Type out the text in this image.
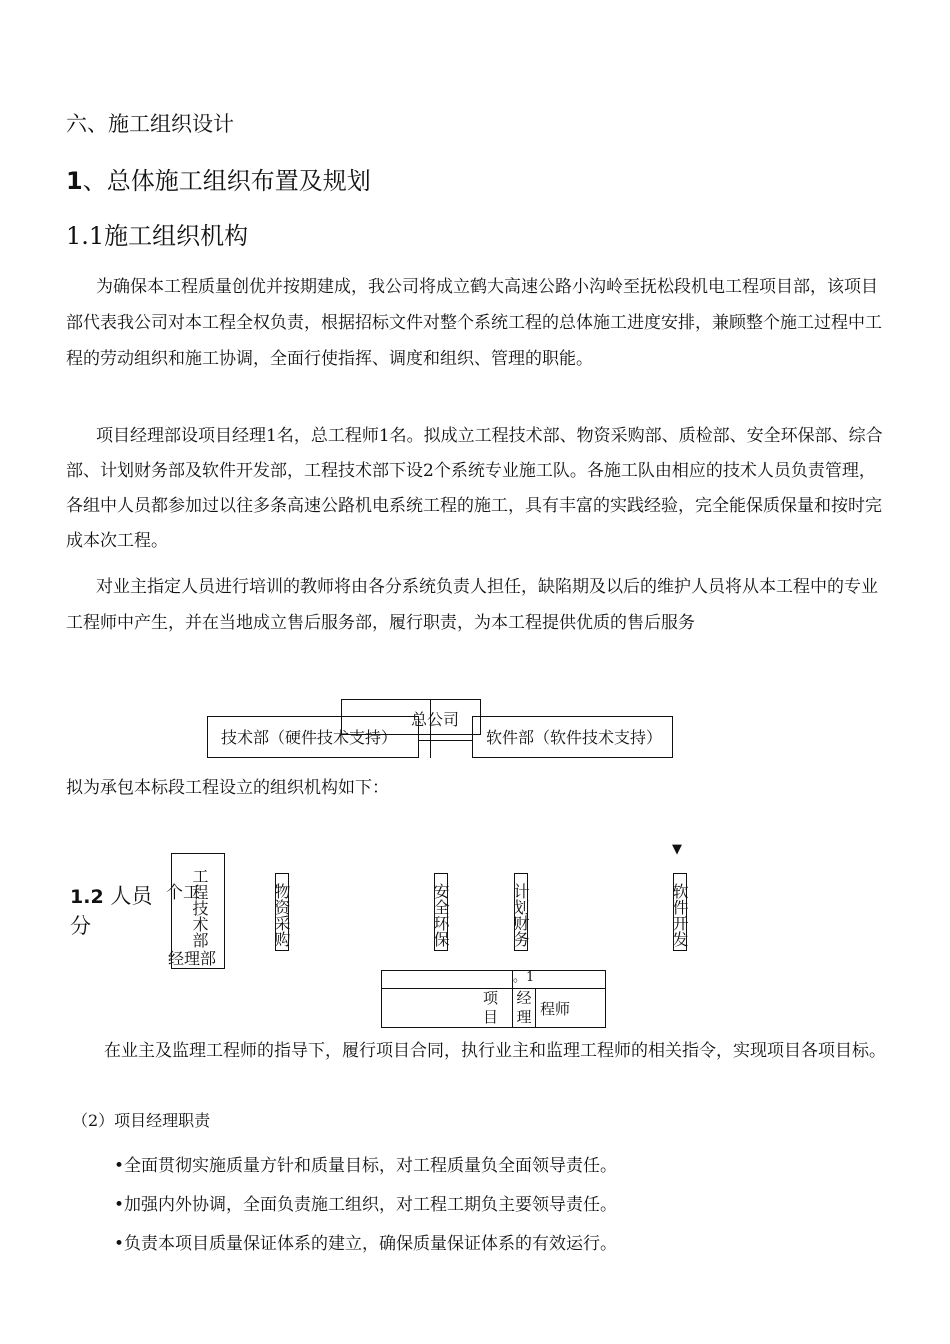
六、施工组织设计
1、总体施工组织布置及规划
1.1施工组织机构
为确保本工程质量创优并按期建成，我公司将成立鹤大高速公路小沟岭至抚松段机电工程项目部，该项目部代表我公司对本工程全权负责，根据招标文件对整个系统工程的总体施工进度安排，兼顾整个施工过程中工程的劳动组织和施工协调，全面行使指挥、调度和组织、管理的职能。
项目经理部设项目经理1名，总工程师1名。拟成立工程技术部、物资采购部、质检部、安全环保部、综合部、计划财务部及软件开发部，工程技术部下设2个系统专业施工队。各施工队由相应的技术人员负责管理，各组中人员都参加过以往多条高速公路机电系统工程的施工，具有丰富的实践经验，完全能保质保量和按时完成本次工程。
对业主指定人员进行培训的教师将由各分系统负责人担任，缺陷期及以后的维护人员将从本工程中的专业工程师中产生，并在当地成立售后服务部，履行职责，为本工程提供优质的售后服务
总公司
技术部（硬件技术支持）	软件部（软件技术支持）
拟为承包本标段工程设立的组织机构如下：
▼
1.2 人员
分
个工
工程技术部
经理部
物资采购	安全环保	计划财务	软件开发
	。1	
项目	经理	程师
在业主及监理工程师的指导下，履行项目合同，执行业主和监理工程师的相关指令，实现项目各项目标。
（2）项目经理职责
•全面贯彻实施质量方针和质量目标，对工程质量负全面领导责任。
•加强内外协调，全面负责施工组织，对工程工期负主要领导责任。
•负责本项目质量保证体系的建立，确保质量保证体系的有效运行。
